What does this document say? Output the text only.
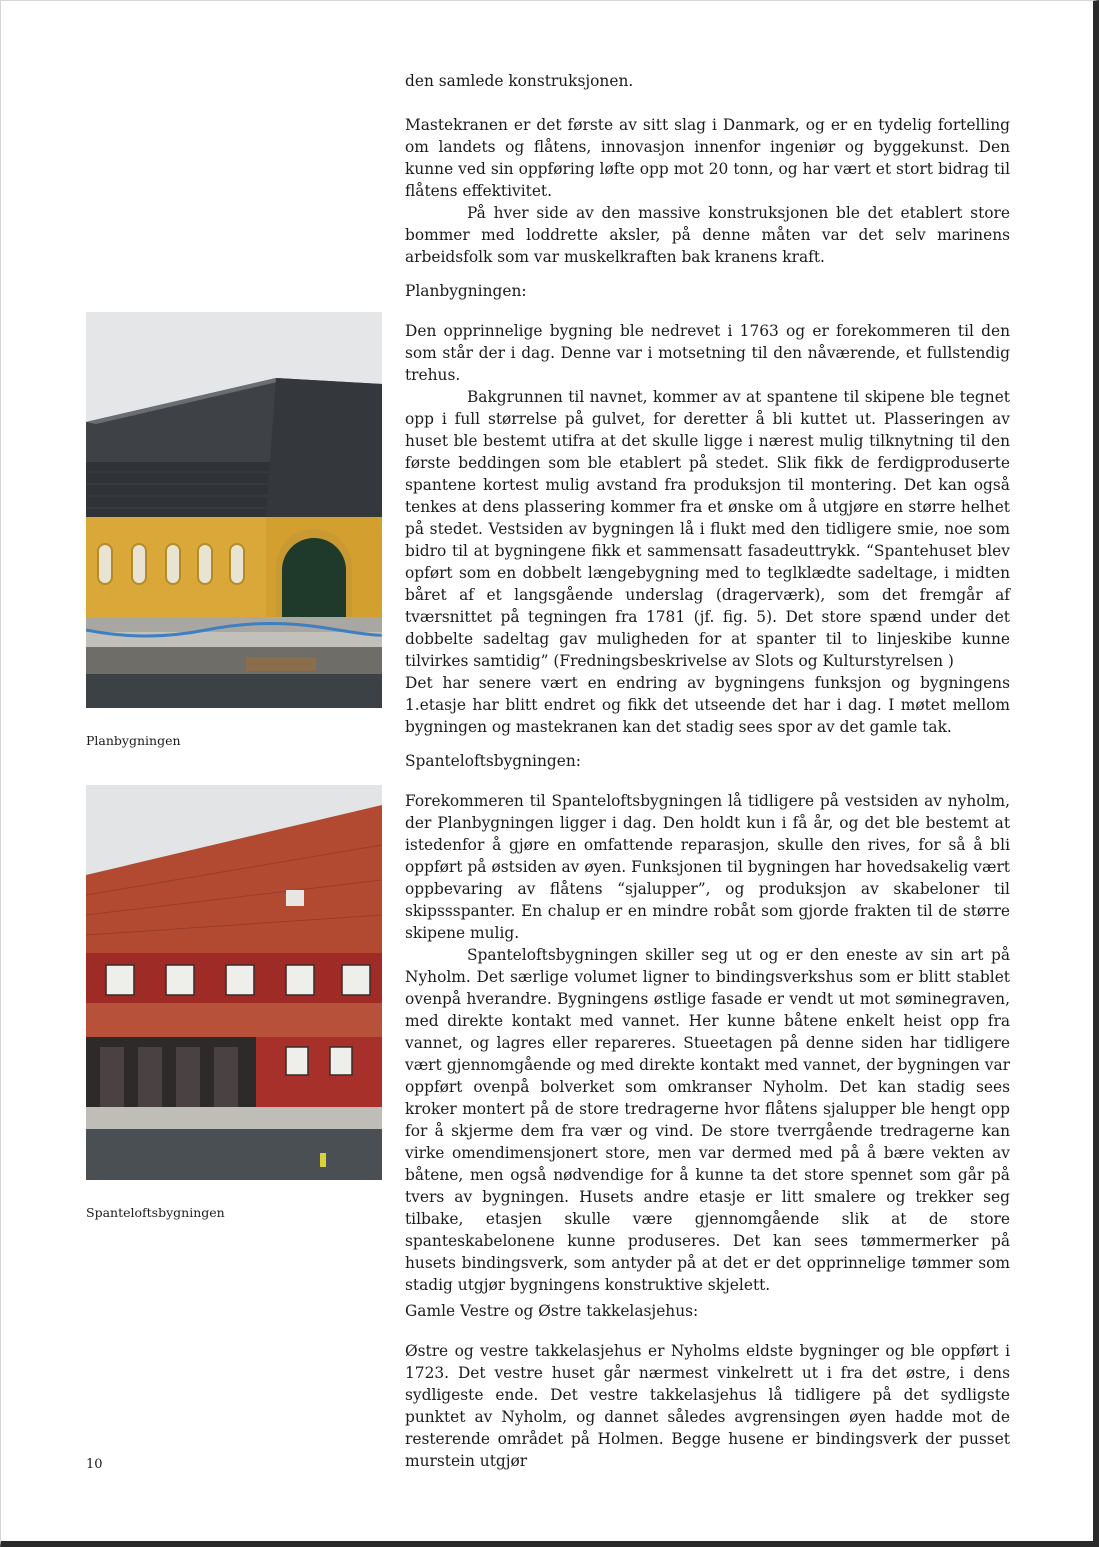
den samlede konstruksjonen.

Mastekranen er det første av sitt slag i Danmark, og er en tydelig fortelling om landets og flåtens, innovasjon innenfor ingeniør og byggekunst. Den kunne ved sin oppføring løfte opp mot 20 tonn, og har vært et stort bidrag til flåtens effektivitet.

På hver side av den massive konstruksjonen ble det etablert store bommer med loddrette aksler, på denne måten var det selv marinens arbeidsfolk som var muskelkraften bak kranens kraft.

Planbygningen:

Den opprinnelige bygning ble nedrevet i 1763 og er forekommeren til den som står der i dag. Denne var i motsetning til den nåværende, et fullstendig trehus.

Bakgrunnen til navnet, kommer av at spantene til skipene ble tegnet opp i full størrelse på gulvet, for deretter å bli kuttet ut. Plasseringen av huset ble bestemt utifra at det skulle ligge i nærest mulig tilknytning til den første beddingen som ble etablert på stedet. Slik fikk de ferdigproduserte spantene kortest mulig avstand fra produksjon til montering. Det kan også tenkes at dens plassering kommer fra et ønske om å utgjøre en større helhet på stedet. Vestsiden av bygningen lå i flukt med den tidligere smie, noe som bidro til at bygningene fikk et sammensatt fasadeuttrykk. “Spantehuset blev opført som en dobbelt længebygning med to teglklædte sadeltage, i midten båret af et langsgående underslag (dragerværk), som det fremgår af tværsnittet på tegningen fra 1781 (jf. fig. 5). Det store spænd under det dobbelte sadeltag gav muligheden for at spanter til to linjeskibe kunne tilvirkes samtidig” (Fredningsbeskrivelse av Slots og Kulturstyrelsen )

Det har senere vært en endring av bygningens funksjon og bygningens 1.etasje har blitt endret og fikk det utseende det har i dag. I møtet mellom bygningen og mastekranen kan det stadig sees spor av det gamle tak.

Spanteloftsbygningen:

Forekommeren til Spanteloftsbygningen lå tidligere på vestsiden av nyholm, der Planbygningen ligger i dag. Den holdt kun i få år, og det ble bestemt at istedenfor å gjøre en omfattende reparasjon, skulle den rives, for så å bli oppført på østsiden av øyen. Funksjonen til bygningen har hovedsakelig vært oppbevaring av flåtens “sjalupper”, og produksjon av skabeloner til skipssspanter. En chalup er en mindre robåt som gjorde frakten til de større skipene mulig.

Spanteloftsbygningen skiller seg ut og er den eneste av sin art på Nyholm. Det særlige volumet ligner to bindingsverkshus som er blitt stablet ovenpå hverandre. Bygningens østlige fasade er vendt ut mot søminegraven, med direkte kontakt med vannet. Her kunne båtene enkelt heist opp fra vannet, og lagres eller repareres. Stueetagen på denne siden har tidligere vært gjennomgående og med direkte kontakt med vannet, der bygningen var oppført ovenpå bolverket som omkranser Nyholm. Det kan stadig sees kroker montert på de store tredragerne hvor flåtens sjalupper ble hengt opp for å skjerme dem fra vær og vind. De store tverrgående tredragerne kan virke omendimensjonert store, men var dermed med på å bære vekten av båtene, men også nødvendige for å kunne ta det store spennet som går på tvers av bygningen. Husets andre etasje er litt smalere og trekker seg tilbake, etasjen skulle være gjennomgående slik at de store spanteskabelonene kunne produseres. Det kan sees tømmermerker på husets bindingsverk, som antyder på at det er det opprinnelige tømmer som stadig utgjør bygningens konstruktive skjelett.

Gamle Vestre og Østre takkelasjehus:

Østre og vestre takkelasjehus er Nyholms eldste bygninger og ble oppført i 1723. Det vestre huset går nærmest vinkelrett ut i fra det østre, i dens sydligeste ende. Det vestre takkelasjehus lå tidligere på det sydligste punktet av Nyholm, og dannet således avgrensingen øyen hadde mot de resterende området på Holmen. Begge husene er bindingsverk der pusset murstein utgjør

Planbygningen
Spanteloftsbygningen
10
